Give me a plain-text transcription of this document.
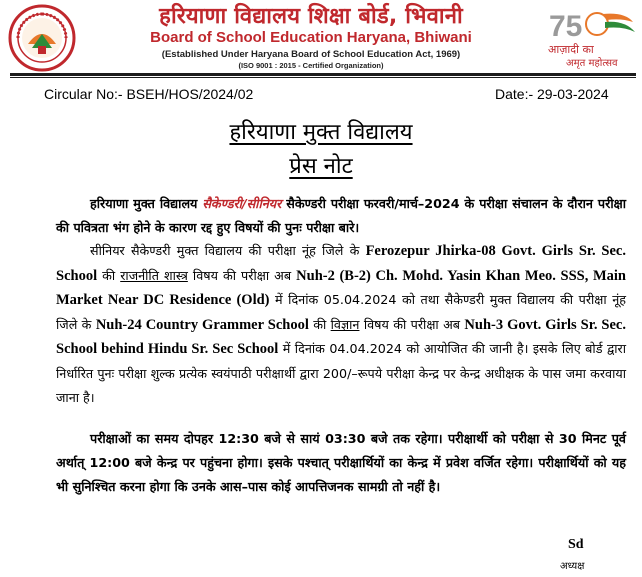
हरियाणा विद्यालय शिक्षा बोर्ड, भिवानी
Board of School Education Haryana, Bhiwani
(Established Under Haryana Board of School Education Act, 1969)
(ISO 9001 : 2015 - Certified Organization)
75
आज़ादी का
अमृत महोत्सव
Circular No:- BSEH/HOS/2024/02	Date:- 29-03-2024
हरियाणा मुक्त विद्यालय
प्रेस नोट
हरियाणा मुक्त विद्यालय सैकेण्डरी/सीनियर सैकेण्डरी परीक्षा फरवरी/मार्च–2024 के परीक्षा संचालन के दौरान परीक्षा की पवित्रता भंग होने के कारण रद्द हुए विषयों की पुनः परीक्षा बारे।
सीनियर सैकेण्डरी मुक्त विद्यालय की परीक्षा नूंह जिले के Ferozepur Jhirka-08 Govt. Girls Sr. Sec. School की राजनीति शास्त्र विषय की परीक्षा अब Nuh-2 (B-2) Ch. Mohd. Yasin Khan Meo. SSS, Main Market Near DC Residence (Old) में दिनांक 05.04.2024 को तथा सैकेण्डरी मुक्त विद्यालय की परीक्षा नूंह जिले के Nuh-24 Country Grammer School की विज्ञान विषय की परीक्षा अब Nuh-3 Govt. Girls Sr. Sec. School behind Hindu Sr. Sec School में दिनांक 04.04.2024 को आयोजित की जानी है। इसके लिए बोर्ड द्वारा निर्धारित पुनः परीक्षा शुल्क प्रत्येक स्वयंपाठी परीक्षार्थी द्वारा 200/–रूपये परीक्षा केन्द्र पर केन्द्र अधीक्षक के पास जमा करवाया जाना है।
परीक्षाओं का समय दोपहर 12:30 बजे से सायं 03:30 बजे तक रहेगा। परीक्षार्थी को परीक्षा से 30 मिनट पूर्व अर्थात् 12:00 बजे केन्द्र पर पहुंचना होगा। इसके पश्चात् परीक्षार्थियों का केन्द्र में प्रवेश वर्जित रहेगा। परीक्षार्थियों को यह भी सुनिश्चित करना होगा कि उनके आस–पास कोई आपत्तिजनक सामग्री तो नहीं है।
Sd
अध्यक्ष
